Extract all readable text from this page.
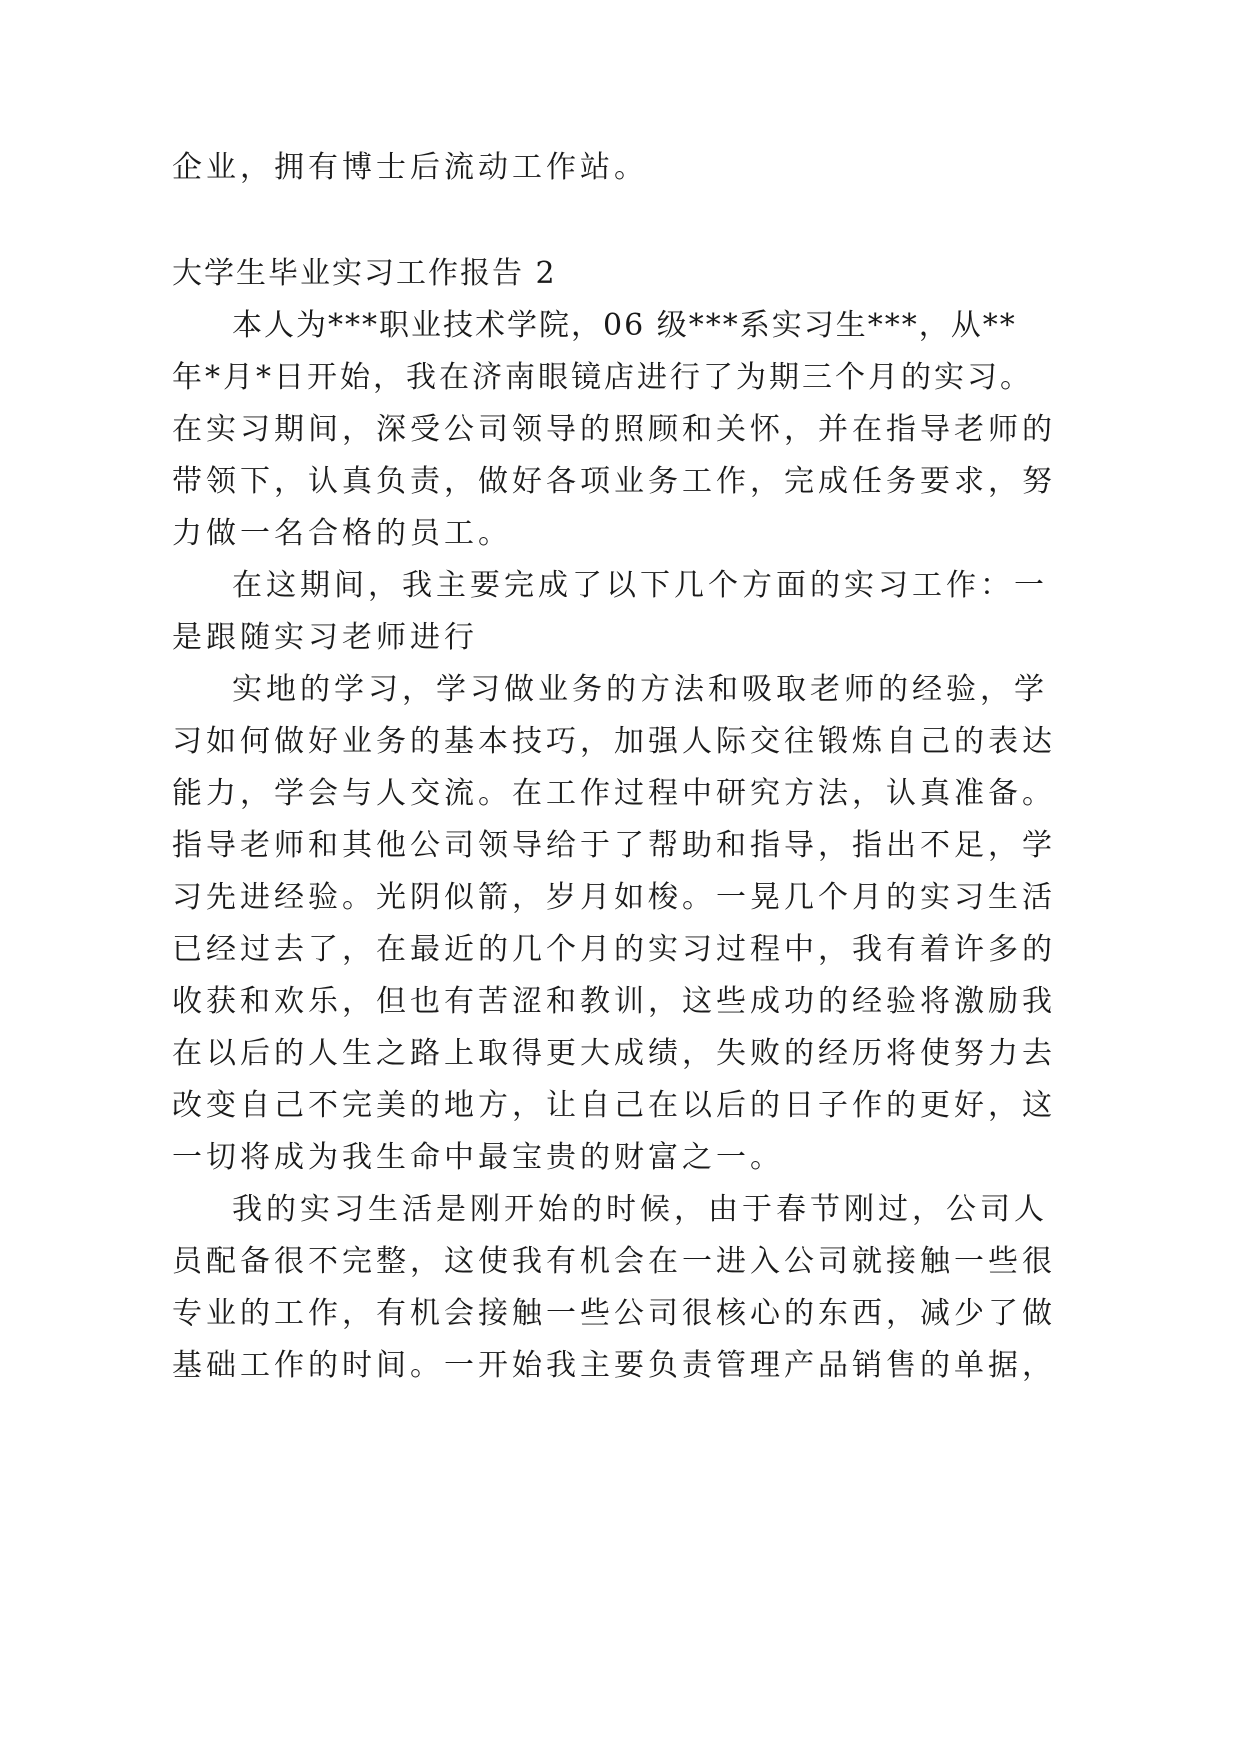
企业，拥有博士后流动工作站。
大学生毕业实习工作报告 2
本人为***职业技术学院，06 级***系实习生***，从**
年*月*日开始，我在济南眼镜店进行了为期三个月的实习。
在实习期间，深受公司领导的照顾和关怀，并在指导老师的
带领下，认真负责，做好各项业务工作，完成任务要求，努
力做一名合格的员工。
在这期间，我主要完成了以下几个方面的实习工作：一
是跟随实习老师进行
实地的学习，学习做业务的方法和吸取老师的经验，学
习如何做好业务的基本技巧，加强人际交往锻炼自己的表达
能力，学会与人交流。在工作过程中研究方法，认真准备。
指导老师和其他公司领导给于了帮助和指导，指出不足，学
习先进经验。光阴似箭，岁月如梭。一晃几个月的实习生活
已经过去了，在最近的几个月的实习过程中，我有着许多的
收获和欢乐，但也有苦涩和教训，这些成功的经验将激励我
在以后的人生之路上取得更大成绩，失败的经历将使努力去
改变自己不完美的地方，让自己在以后的日子作的更好，这
一切将成为我生命中最宝贵的财富之一。
我的实习生活是刚开始的时候，由于春节刚过，公司人
员配备很不完整，这使我有机会在一进入公司就接触一些很
专业的工作，有机会接触一些公司很核心的东西，减少了做
基础工作的时间。一开始我主要负责管理产品销售的单据，
